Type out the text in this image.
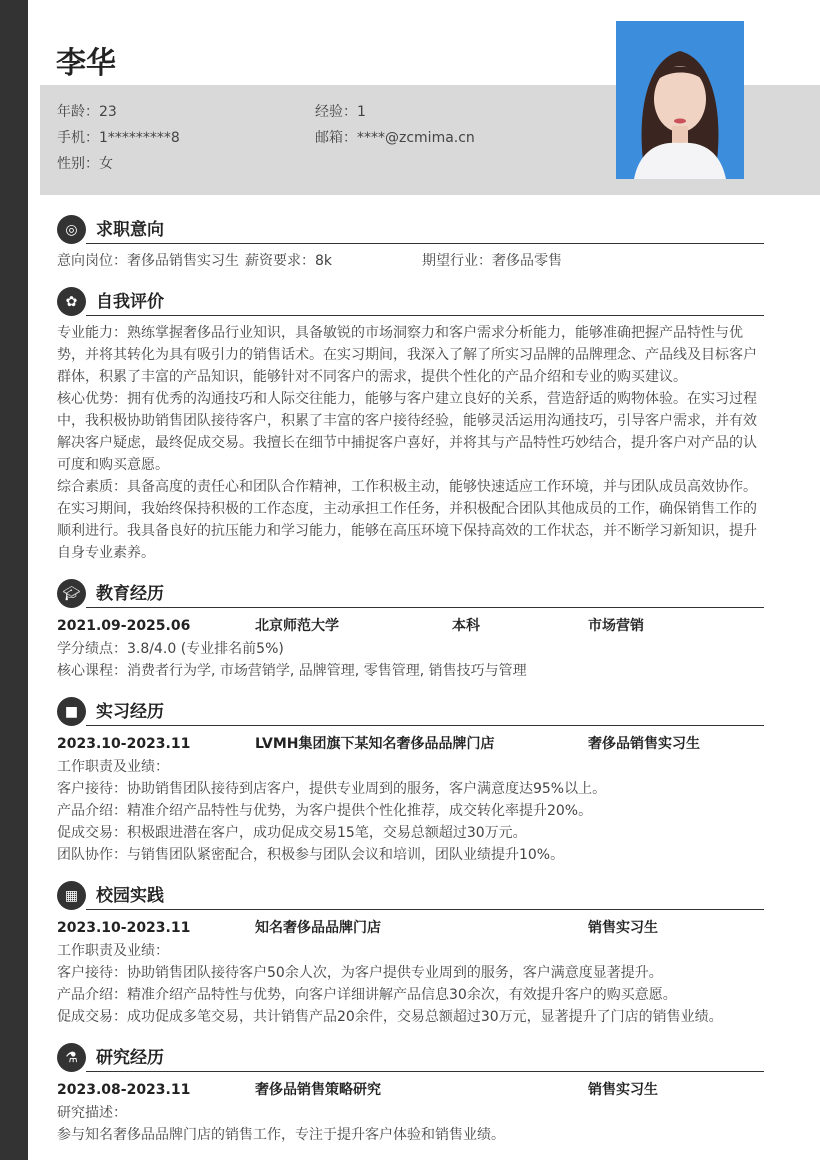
李华
年龄：23	经验：1
手机：1*********8	邮箱：****@zcmima.cn
性别：女
◎	求职意向
意向岗位：奢侈品销售实习生 薪资要求：8k	期望行业：奢侈品零售
✿	自我评价
专业能力：熟练掌握奢侈品行业知识，具备敏锐的市场洞察力和客户需求分析能力，能够准确把握产品特性与优势，并将其转化为具有吸引力的销售话术。在实习期间，我深入了解了所实习品牌的品牌理念、产品线及目标客户群体，积累了丰富的产品知识，能够针对不同客户的需求，提供个性化的产品介绍和专业的购买建议。
核心优势：拥有优秀的沟通技巧和人际交往能力，能够与客户建立良好的关系，营造舒适的购物体验。在实习过程中，我积极协助销售团队接待客户，积累了丰富的客户接待经验，能够灵活运用沟通技巧，引导客户需求，并有效解决客户疑虑，最终促成交易。我擅长在细节中捕捉客户喜好，并将其与产品特性巧妙结合，提升客户对产品的认可度和购买意愿。
综合素质：具备高度的责任心和团队合作精神，工作积极主动，能够快速适应工作环境，并与团队成员高效协作。在实习期间，我始终保持积极的工作态度，主动承担工作任务，并积极配合团队其他成员的工作，确保销售工作的顺利进行。我具备良好的抗压能力和学习能力，能够在高压环境下保持高效的工作状态，并不断学习新知识，提升自身专业素养。
🎓︎ 教育经历
2021.09-2025.06	北京师范大学	本科	市场营销
学分绩点：3.8/4.0 (专业排名前5%)
核心课程：消费者行为学, 市场营销学, 品牌管理, 零售管理, 销售技巧与管理
■	实习经历
2023.10-2023.11	LVMH集团旗下某知名奢侈品品牌门店	奢侈品销售实习生
工作职责及业绩：
客户接待：协助销售团队接待到店客户，提供专业周到的服务，客户满意度达95%以上。
产品介绍：精准介绍产品特性与优势，为客户提供个性化推荐，成交转化率提升20%。
促成交易：积极跟进潜在客户，成功促成交易15笔，交易总额超过30万元。
团队协作：与销售团队紧密配合，积极参与团队会议和培训，团队业绩提升10%。
▦	校园实践
2023.10-2023.11	知名奢侈品品牌门店	销售实习生
工作职责及业绩：
客户接待：协助销售团队接待客户50余人次，为客户提供专业周到的服务，客户满意度显著提升。
产品介绍：精准介绍产品特性与优势，向客户详细讲解产品信息30余次，有效提升客户的购买意愿。
促成交易：成功促成多笔交易，共计销售产品20余件，交易总额超过30万元，显著提升了门店的销售业绩。
⚗	研究经历
2023.08-2023.11	奢侈品销售策略研究	销售实习生
研究描述：
参与知名奢侈品品牌门店的销售工作，专注于提升客户体验和销售业绩。
